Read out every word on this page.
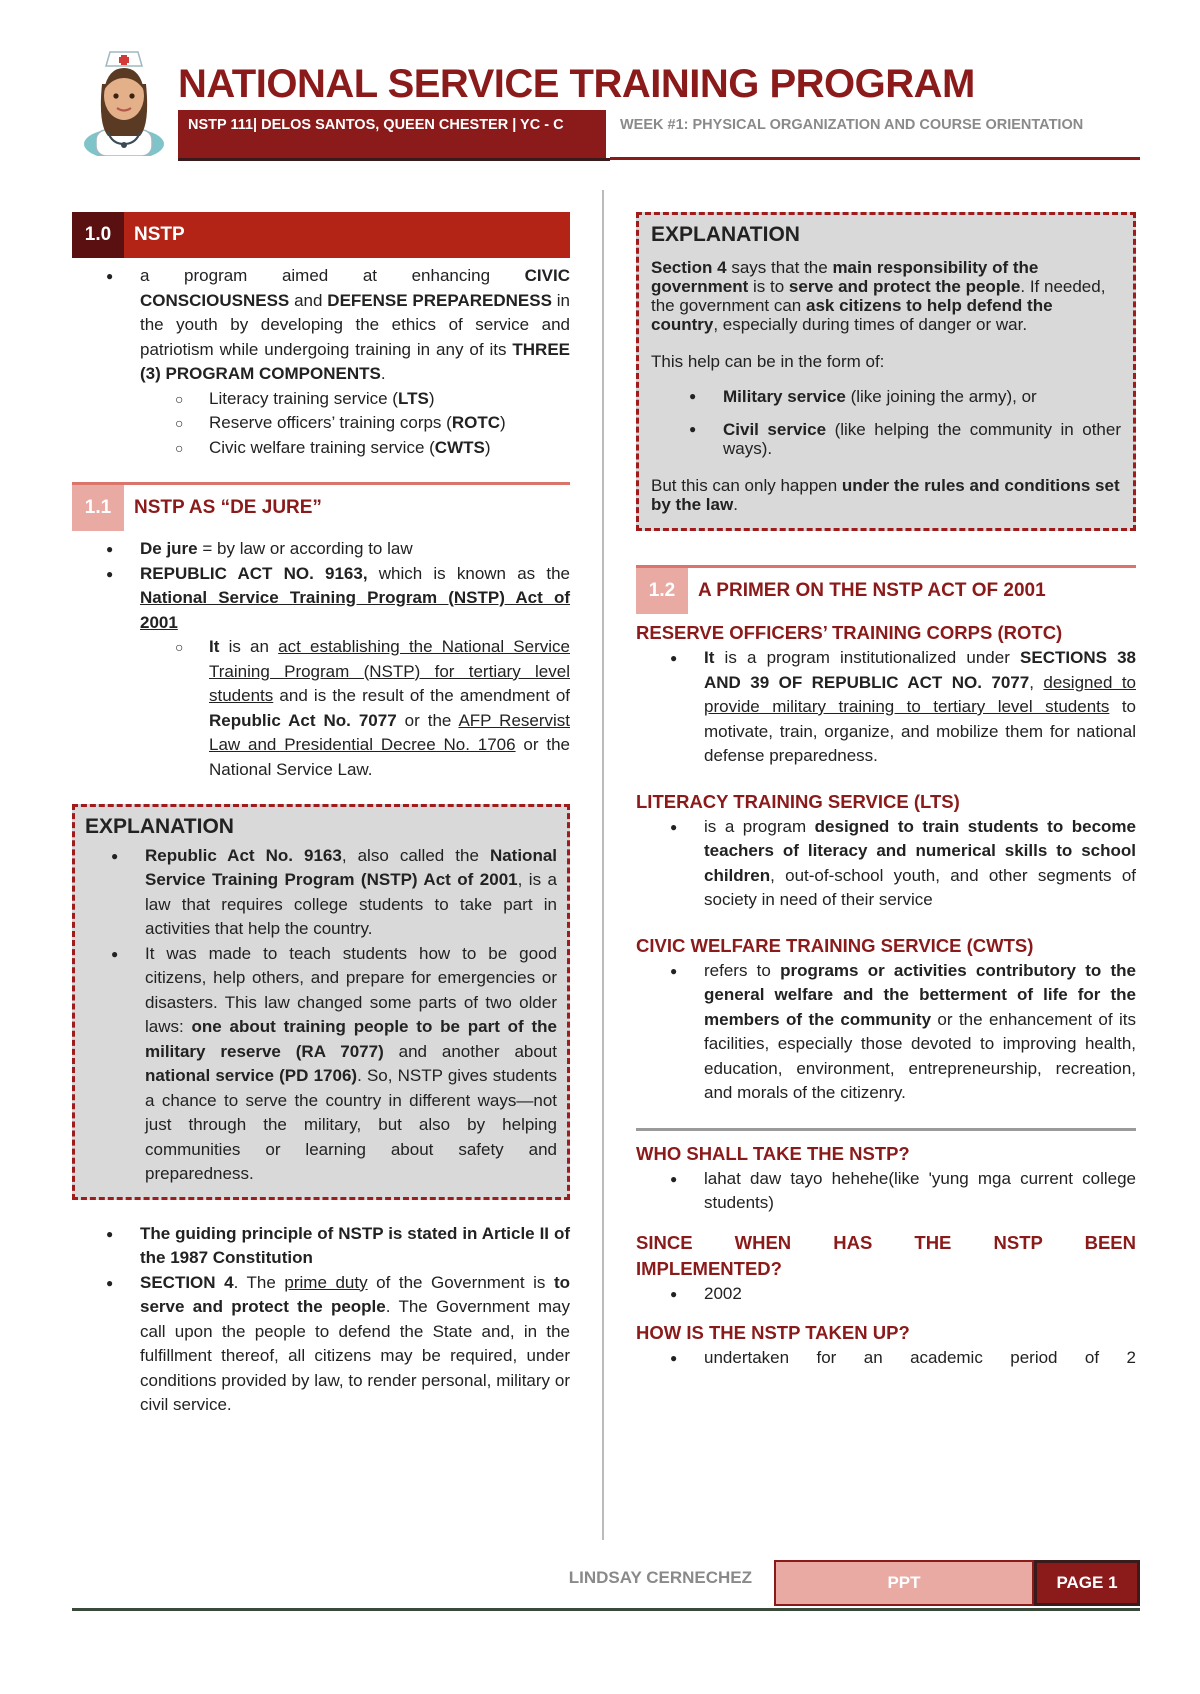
NATIONAL SERVICE TRAINING PROGRAM
NSTP 111| DELOS SANTOS, QUEEN CHESTER | YC - C	WEEK #1: PHYSICAL ORGANIZATION AND COURSE ORIENTATION
1.0	NSTP
● a program aimed at enhancing CIVIC CONSCIOUSNESS and DEFENSE PREPAREDNESS in the youth by developing the ethics of service and patriotism while undergoing training in any of its THREE (3) PROGRAM COMPONENTS.
○ Literacy training service (LTS)
○ Reserve officers’ training corps (ROTC)
○ Civic welfare training service (CWTS)
1.1	NSTP AS “DE JURE”
● De jure = by law or according to law
● REPUBLIC ACT NO. 9163, which is known as the National Service Training Program (NSTP) Act of 2001
○ It is an act establishing the National Service Training Program (NSTP) for tertiary level students and is the result of the amendment of Republic Act No. 7077 or the AFP Reservist Law and Presidential Decree No. 1706 or the National Service Law.
EXPLANATION
● Republic Act No. 9163, also called the National Service Training Program (NSTP) Act of 2001, is a law that requires college students to take part in activities that help the country.
● It was made to teach students how to be good citizens, help others, and prepare for emergencies or disasters. This law changed some parts of two older laws: one about training people to be part of the military reserve (RA 7077) and another about national service (PD 1706). So, NSTP gives students a chance to serve the country in different ways—not just through the military, but also by helping communities or learning about safety and preparedness.
● The guiding principle of NSTP is stated in Article II of the 1987 Constitution
● SECTION 4. The prime duty of the Government is to serve and protect the people. The Government may call upon the people to defend the State and, in the fulfillment thereof, all citizens may be required, under conditions provided by law, to render personal, military or civil service.
EXPLANATION

Section 4 says that the main responsibility of the government is to serve and protect the people. If needed, the government can ask citizens to help defend the country, especially during times of danger or war.

This help can be in the form of:

● Military service (like joining the army), or
● Civil service (like helping the community in other ways).

But this can only happen under the rules and conditions set by the law.

1.2	A PRIMER ON THE NSTP ACT OF 2001
RESERVE OFFICERS’ TRAINING CORPS (ROTC)
● It is a program institutionalized under SECTIONS 38 AND 39 OF REPUBLIC ACT NO. 7077, designed to provide military training to tertiary level students to motivate, train, organize, and mobilize them for national defense preparedness.
LITERACY TRAINING SERVICE (LTS)
● is a program designed to train students to become teachers of literacy and numerical skills to school children, out-of-school youth, and other segments of society in need of their service
CIVIC WELFARE TRAINING SERVICE (CWTS)
● refers to programs or activities contributory to the general welfare and the betterment of life for the members of the community or the enhancement of its facilities, especially those devoted to improving health, education, environment, entrepreneurship, recreation, and morals of the citizenry.
WHO SHALL TAKE THE NSTP?
● lahat daw tayo hehehe(like 'yung mga current college students)
SINCE WHEN HAS THE NSTP BEEN IMPLEMENTED?
● 2002
HOW IS THE NSTP TAKEN UP?
● undertaken for an academic period of 2
LINDSAY CERNECHEZ	PPT	PAGE 1
